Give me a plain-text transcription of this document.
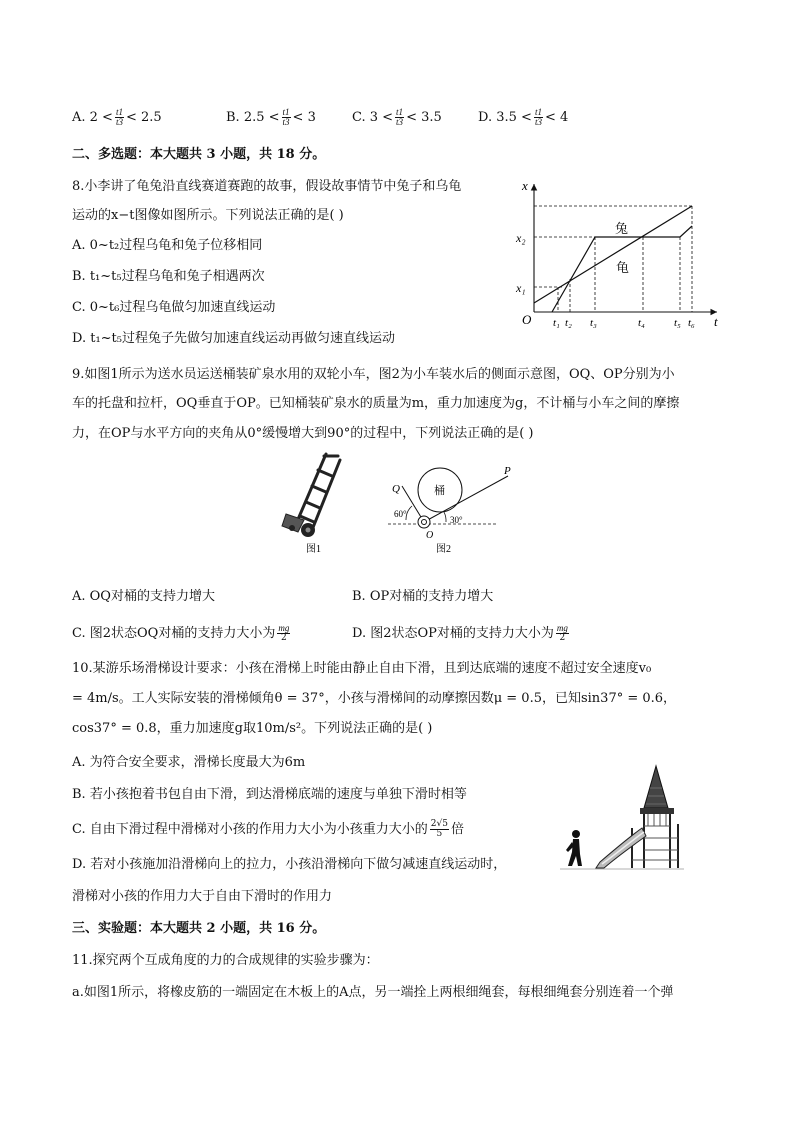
A. $2 < \frac{t1}{t3} < 2.5$	B. $2.5 < \frac{t1}{t3} < 3$	C. $3 < \frac{t1}{t3} < 3.5$	D. $3.5 < \frac{t1}{t3} < 4$
二、多选题：本大题共 3 小题，共 18 分。
8.小李讲了龟兔沿直线赛道赛跑的故事，假设故事情节中兔子和乌龟
运动的x−t图像如图所示。下列说法正确的是( )
A. 0~t₂过程乌龟和兔子位移相同
B. t₁~t₅过程乌龟和兔子相遇两次
C. 0~t₆过程乌龟做匀加速直线运动
D. t₁~t₅过程兔子先做匀加速直线运动再做匀速直线运动
x
t
O
兔
龟
x₂
x₁
t₁ t₂ t₃	t₄	t₅ t₆
9.如图1所示为送水员运送桶装矿泉水用的双轮小车，图2为小车装水后的侧面示意图，OQ、OP分别为小
车的托盘和拉杆，OQ垂直于OP。已知桶装矿泉水的质量为m，重力加速度为g，不计桶与小车之间的摩擦
力，在OP与水平方向的夹角从0°缓慢增大到90°的过程中，下列说法正确的是( )
图1
桶
Q
P
O
60°
30°
图2
A. OQ对桶的支持力增大	B. OP对桶的支持力增大
C. 图2状态OQ对桶的支持力大小为 $\frac{mg}{2}$	D. 图2状态OP对桶的支持力大小为 $\frac{mg}{2}$
10.某游乐场滑梯设计要求：小孩在滑梯上时能由静止自由下滑，且到达底端的速度不超过安全速度v₀
= 4m/s。工人实际安装的滑梯倾角θ = 37°，小孩与滑梯间的动摩擦因数μ = 0.5，已知sin37° = 0.6，
cos37° = 0.8，重力加速度g取10m/s²。下列说法正确的是( )
A. 为符合安全要求，滑梯长度最大为6m
B. 若小孩抱着书包自由下滑，到达滑梯底端的速度与单独下滑时相等
C. 自由下滑过程中滑梯对小孩的作用力大小为小孩重力大小的 $\frac{2√5}{5}$ 倍
D. 若对小孩施加沿滑梯向上的拉力，小孩沿滑梯向下做匀减速直线运动时，
滑梯对小孩的作用力大于自由下滑时的作用力
三、实验题：本大题共 2 小题，共 16 分。
11.探究两个互成角度的力的合成规律的实验步骤为：
a.如图1所示，将橡皮筋的一端固定在木板上的A点，另一端拴上两根细绳套，每根细绳套分别连着一个弹
